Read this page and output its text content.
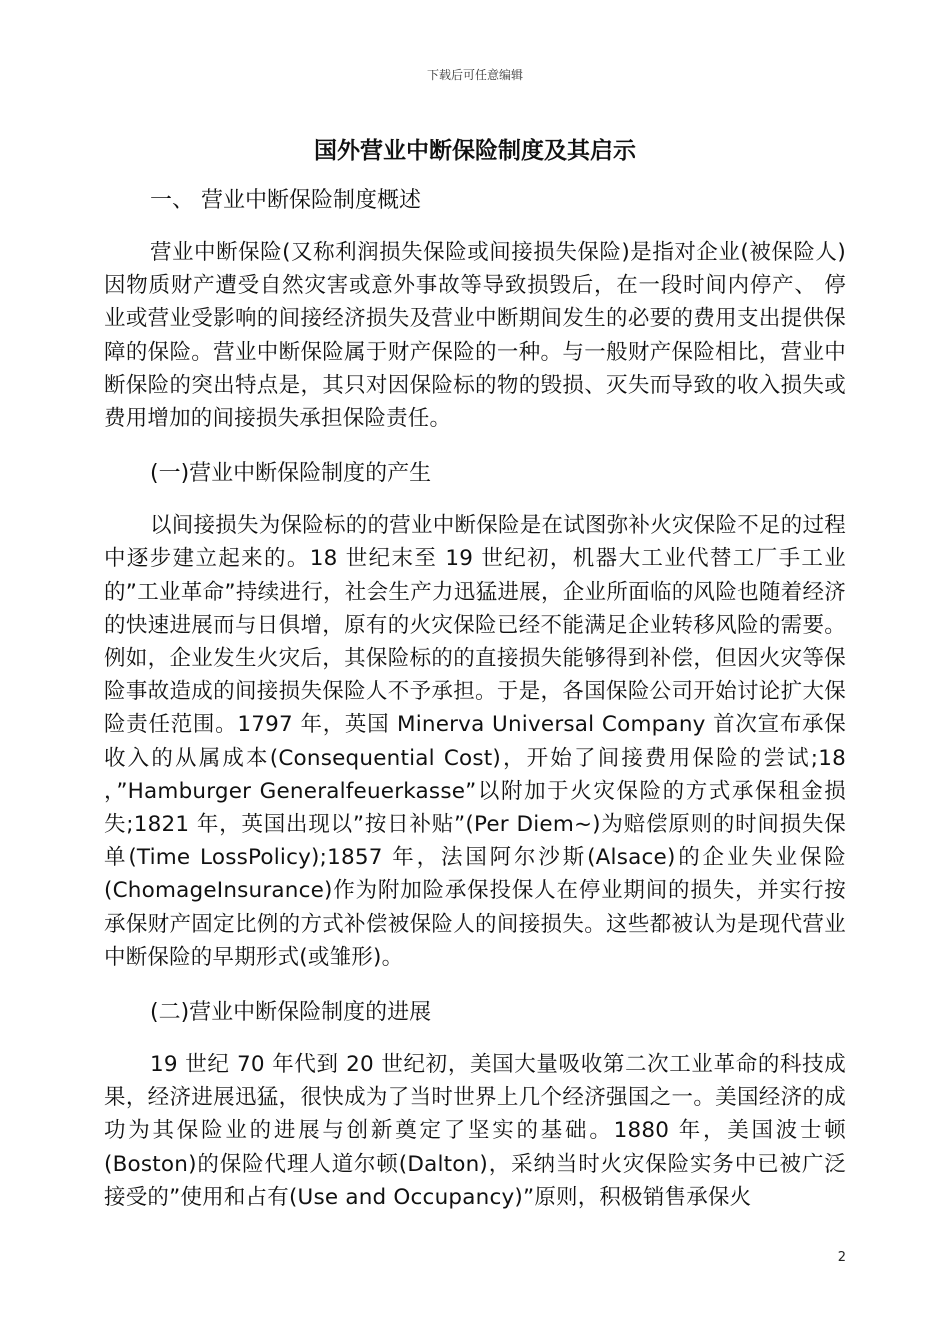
下载后可任意编辑
国外营业中断保险制度及其启示
一、 营业中断保险制度概述

营业中断保险(又称利润损失保险或间接损失保险)是指对企业(被保险人)因物质财产遭受自然灾害或意外事故等导致损毁后，在一段时间内停产、 停业或营业受影响的间接经济损失及营业中断期间发生的必要的费用支出提供保障的保险。营业中断保险属于财产保险的一种。与一般财产保险相比，营业中断保险的突出特点是，其只对因保险标的物的毁损、灭失而导致的收入损失或费用增加的间接损失承担保险责任。

(一)营业中断保险制度的产生

以间接损失为保险标的的营业中断保险是在试图弥补火灾保险不足的过程中逐步建立起来的。18 世纪末至 19 世纪初，机器大工业代替工厂手工业的”工业革命”持续进行，社会生产力迅猛进展，企业所面临的风险也随着经济的快速进展而与日俱增，原有的火灾保险已经不能满足企业转移风险的需要。例如，企业发生火灾后，其保险标的的直接损失能够得到补偿，但因火灾等保险事故造成的间接损失保险人不予承担。于是，各国保险公司开始讨论扩大保险责任范围。1797 年，英国 Minerva Universal Company 首次宣布承保收入的从属成本(Consequential Cost)，开始了间接费用保险的尝试;18 ，”Hamburger Generalfeuerkasse”以附加于火灾保险的方式承保租金损失;1821 年，英国出现以”按日补贴”(Per Diem~)为赔偿原则的时间损失保单(Time LossPolicy);1857 年，法国阿尔沙斯(Alsace)的企业失业保险(ChomageInsurance)作为附加险承保投保人在停业期间的损失，并实行按承保财产固定比例的方式补偿被保险人的间接损失。这些都被认为是现代营业中断保险的早期形式(或雏形)。

(二)营业中断保险制度的进展

19 世纪 70 年代到 20 世纪初，美国大量吸收第二次工业革命的科技成果，经济进展迅猛，很快成为了当时世界上几个经济强国之一。美国经济的成功为其保险业的进展与创新奠定了坚实的基础。1880 年，美国波士顿(Boston)的保险代理人道尔顿(Dalton)，采纳当时火灾保险实务中已被广泛接受的”使用和占有(Use and Occupancy)”原则，积极销售承保火

2
